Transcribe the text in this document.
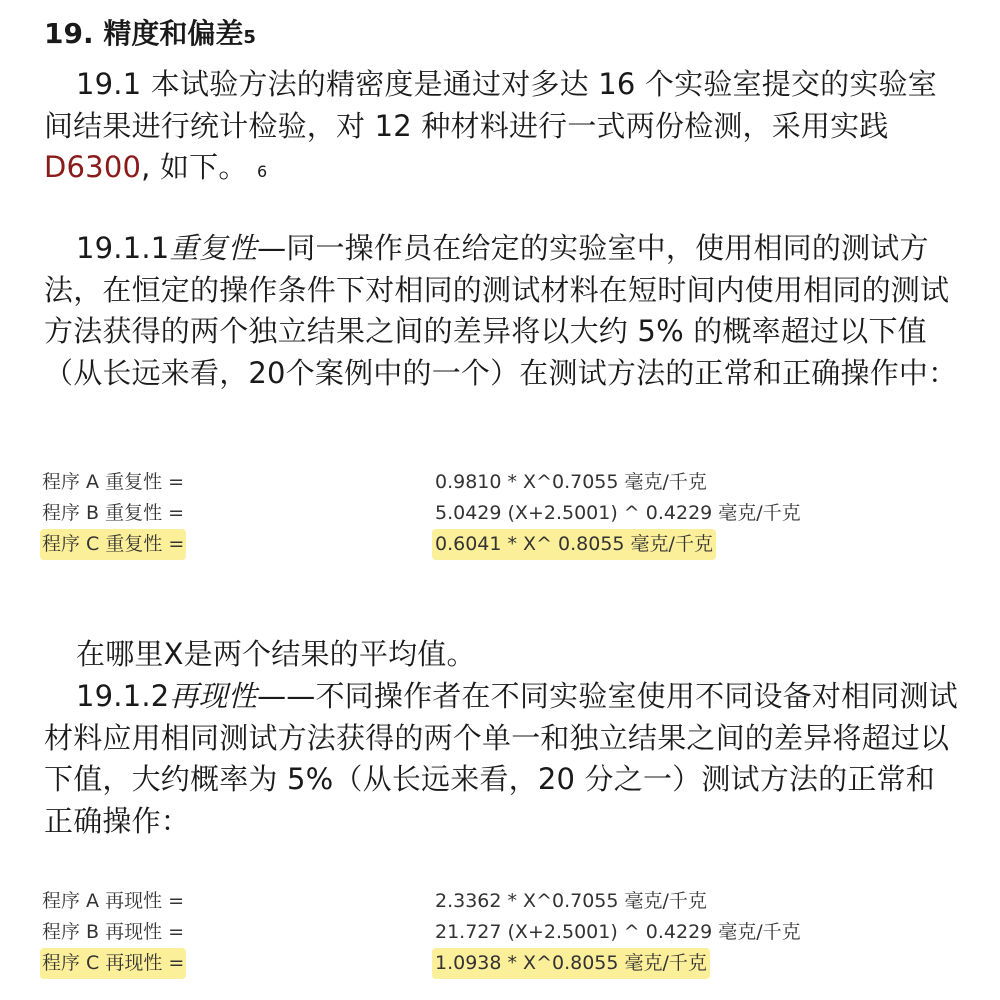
19. 精度和偏差5
19.1 本试验方法的精密度是通过对多达 16 个实验室提交的实验室间结果进行统计检验，对 12 种材料进行一式两份检测，采用实践D6300, 如下。 6
19.1.1重复性—同一操作员在给定的实验室中，使用相同的测试方法，在恒定的操作条件下对相同的测试材料在短时间内使用相同的测试方法获得的两个独立结果之间的差异将以大约 5% 的概率超过以下值（从长远来看，20个案例中的一个）在测试方法的正常和正确操作中：
程序 A 重复性 =	0.9810 * X^0.7055 毫克/千克
程序 B 重复性 =	5.0429 (X+2.5001) ^ 0.4229 毫克/千克
程序 C 重复性 =	0.6041 * X^ 0.8055 毫克/千克
在哪里X是两个结果的平均值。
19.1.2再现性——不同操作者在不同实验室使用不同设备对相同测试材料应用相同测试方法获得的两个单一和独立结果之间的差异将超过以下值，大约概率为 5%（从长远来看，20 分之一）测试方法的正常和正确操作：
程序 A 再现性 =	2.3362 * X^0.7055 毫克/千克
程序 B 再现性 =	21.727 (X+2.5001) ^ 0.4229 毫克/千克
程序 C 再现性 =	1.0938 * X^0.8055 毫克/千克
